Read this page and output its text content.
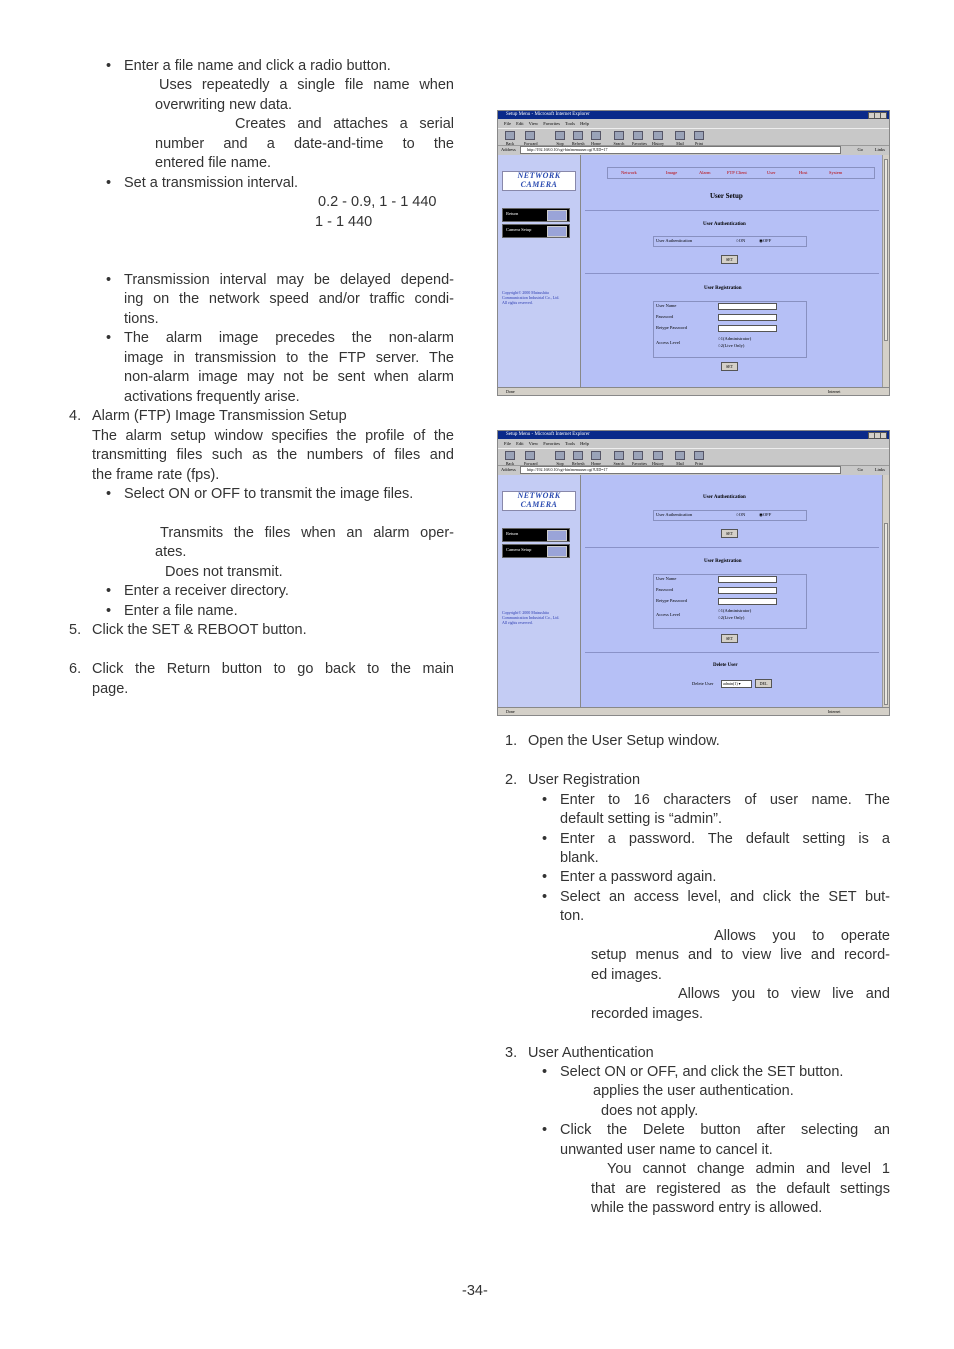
• Enter a file name and click a radio button.
Uses repeatedly a single file name when
overwriting new data.
Creates and attaches a serial
number and a date-and-time to the
entered file name.
• Set a transmission interval.
0.2 - 0.9, 1 - 1 440
1 - 1 440
• Transmission interval may be delayed depend-
ing on the network speed and/or traffic condi-
tions.
• The alarm image precedes the non-alarm
image in transmission to the FTP server. The
non-alarm image may not be sent when alarm
activations frequently arise.
4. Alarm (FTP) Image Transmission Setup
The alarm setup window specifies the profile of the
transmitting files such as the numbers of files and
the frame rate (fps).
• Select ON or OFF to transmit the image files.
Transmits the files when an alarm oper-
ates.
Does not transmit.
• Enter a receiver directory.
• Enter a file name.
5. Click the SET & REBOOT button.
6. Click the Return button to go back to the main
page.
Setup Menu - Microsoft Internet Explorer
File Edit View Favorites Tools Help
Back	Forward	Stop	Refresh Home	Search Favorites History	Mail	Print
Address	http://192.168.0.10/cgi-bin/menuuser.cgi?UID=17	Go	Links
NETWORK
CAMERA
Return
Camera Setup
Copyright© 2000 Matsushita
Communication Industrial Co., Ltd.
All rights reserved.
Network	Image	Alarm	FTP Client	User	Host	System
User Setup
User Authentication
User Authentication	○ON	◉OFF
SET
User Registration
User Name
Password
Retype Password
Access Level
○1(Administrator)
○2(Live Only)
SET
Done	Internet
Setup Menu - Microsoft Internet Explorer
File Edit View Favorites Tools Help
Back	Forward	Stop	Refresh Home	Search Favorites History	Mail	Print
Address	http://192.168.0.10/cgi-bin/menuuser.cgi?UID=17	Go	Links
NETWORK
CAMERA
Return
Camera Setup
Copyright© 2000 Matsushita
Communication Industrial Co., Ltd.
All rights reserved.
User Authentication
User Authentication	○ON	◉OFF
SET
User Registration
User Name
Password
Retype Password
Access Level
○1(Administrator)
○2(Live Only)
SET
Delete User
Delete User	admin(1) ▾	DEL
Done	Internet
1. Open the User Setup window.
2. User Registration
• Enter to 16 characters of user name. The
default setting is “admin”.
• Enter a password. The default setting is a
blank.
• Enter a password again.
• Select an access level, and click the SET but-
ton.
Allows you to operate
setup menus and to view live and record-
ed images.
Allows you to view live and
recorded images.
3. User Authentication
• Select ON or OFF, and click the SET button.
applies the user authentication.
does not apply.
• Click the Delete button after selecting an
unwanted user name to cancel it.
You cannot change admin and level 1
that are registered as the default settings
while the password entry is allowed.
-34-
